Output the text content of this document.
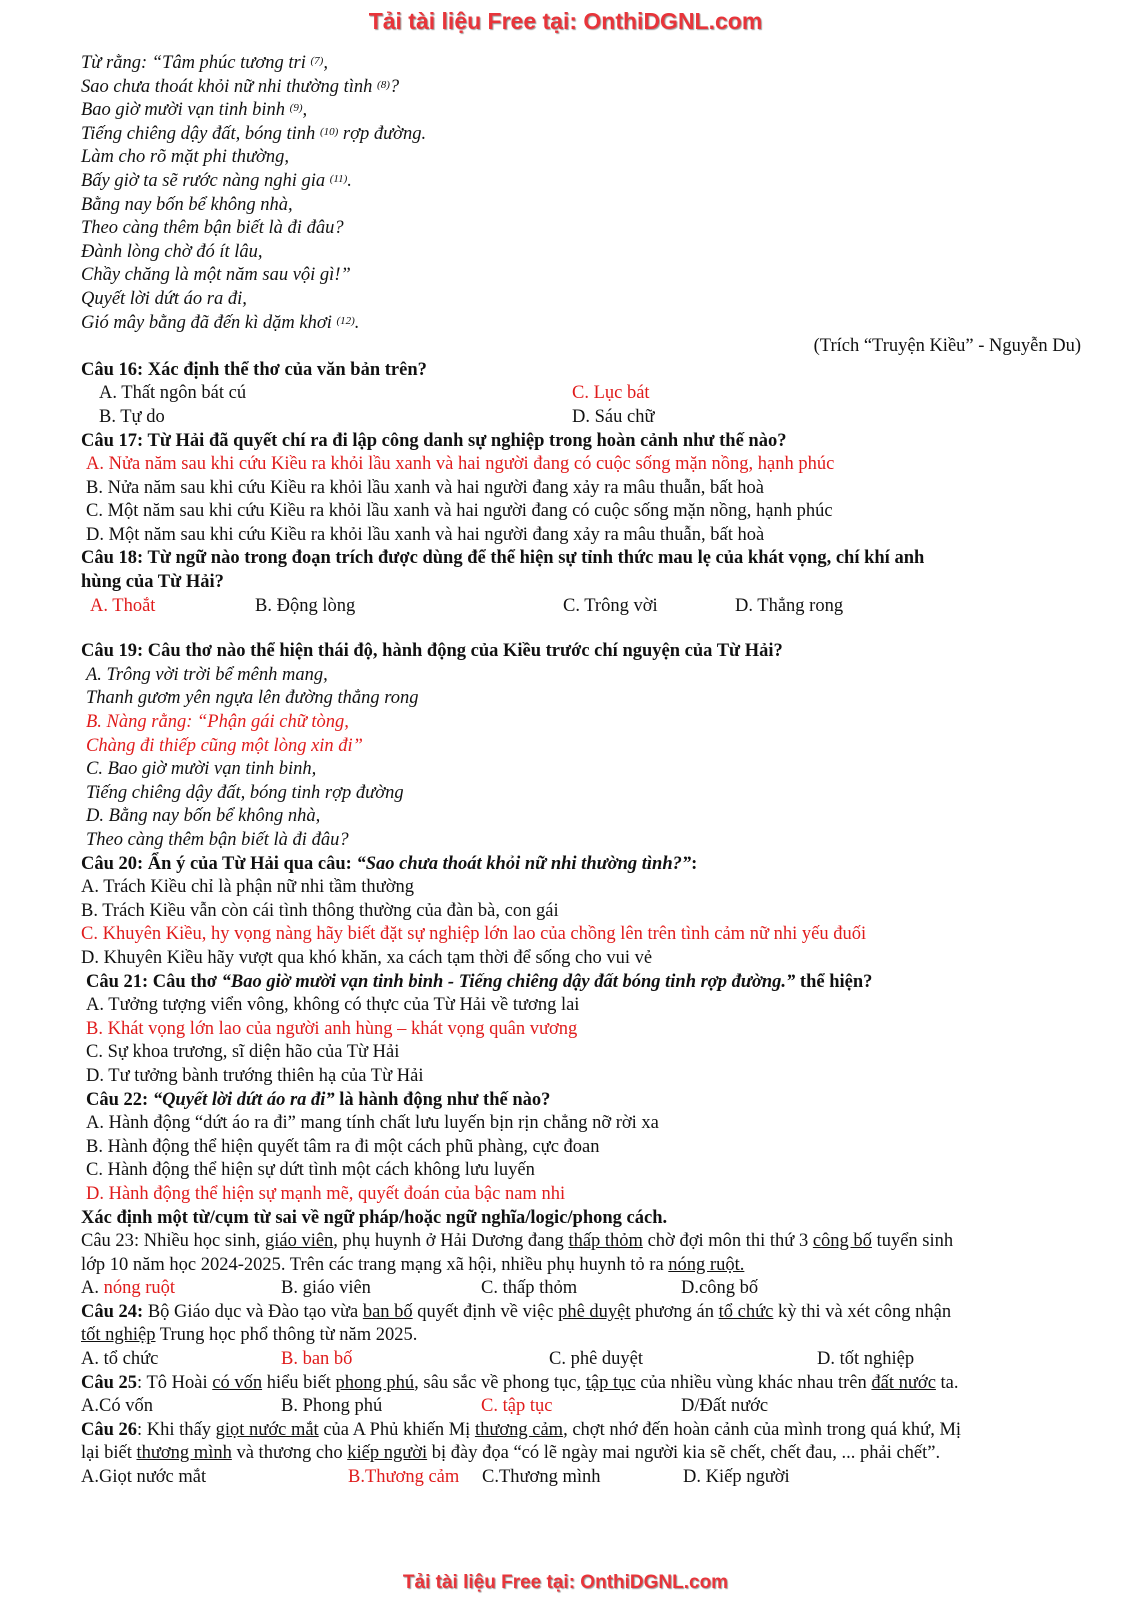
Tải tài liệu Free tại: OnthiDGNL.com
Từ rằng: “Tâm phúc tương tri $^{(7)}$,
Sao chưa thoát khỏi nữ nhi thường tình $^{(8)}$?
Bao giờ mười vạn tinh binh $^{(9)}$,
Tiếng chiêng dậy đất, bóng tinh $^{(10)}$ rợp đường.
Làm cho rõ mặt phi thường,
Bấy giờ ta sẽ rước nàng nghi gia $^{(11)}$.
Bằng nay bốn bể không nhà,
Theo càng thêm bận biết là đi đâu?
Đành lòng chờ đó ít lâu,
Chầy chăng là một năm sau vội gì!”
Quyết lời dứt áo ra đi,
Gió mây bằng đã đến kì dặm khơi $^{(12)}$.
(Trích “Truyện Kiều” - Nguyễn Du)
Câu 16: Xác định thể thơ của văn bản trên?
A. Thất ngôn bát cú	C. Lục bát
B. Tự do	D. Sáu chữ
Câu 17: Từ Hải đã quyết chí ra đi lập công danh sự nghiệp trong hoàn cảnh như thế nào?
A. Nửa năm sau khi cứu Kiều ra khỏi lầu xanh và hai người đang có cuộc sống mặn nồng, hạnh phúc
B. Nửa năm sau khi cứu Kiều ra khỏi lầu xanh và hai người đang xảy ra mâu thuẫn, bất hoà
C. Một năm sau khi cứu Kiều ra khỏi lầu xanh và hai người đang có cuộc sống mặn nồng, hạnh phúc
D. Một năm sau khi cứu Kiều ra khỏi lầu xanh và hai người đang xảy ra mâu thuẫn, bất hoà
Câu 18: Từ ngữ nào trong đoạn trích được dùng để thể hiện sự tỉnh thức mau lẹ của khát vọng, chí khí anh
hùng của Từ Hải?
A. Thoắt	B. Động lòng	C. Trông vời	D. Thẳng rong
Câu 19: Câu thơ nào thể hiện thái độ, hành động của Kiều trước chí nguyện của Từ Hải?
A. Trông vời trời bể mênh mang,
Thanh gươm yên ngựa lên đường thẳng rong
B. Nàng rằng: “Phận gái chữ tòng,
Chàng đi thiếp cũng một lòng xin đi”
C. Bao giờ mười vạn tinh binh,
Tiếng chiêng dậy đất, bóng tinh rợp đường
D. Bằng nay bốn bể không nhà,
Theo càng thêm bận biết là đi đâu?
Câu 20: Ẩn ý của Từ Hải qua câu: “Sao chưa thoát khỏi nữ nhi thường tình?”:
A. Trách Kiều chỉ là phận nữ nhi tầm thường
B. Trách Kiều vẫn còn cái tình thông thường của đàn bà, con gái
C. Khuyên Kiều, hy vọng nàng hãy biết đặt sự nghiệp lớn lao của chồng lên trên tình cảm nữ nhi yếu đuối
D. Khuyên Kiều hãy vượt qua khó khăn, xa cách tạm thời để sống cho vui vẻ
Câu 21: Câu thơ “Bao giờ mười vạn tinh binh - Tiếng chiêng dậy đất bóng tinh rợp đường.” thể hiện?
A. Tưởng tượng viển vông, không có thực của Từ Hải về tương lai
B. Khát vọng lớn lao của người anh hùng – khát vọng quân vương
C. Sự khoa trương, sĩ diện hão của Từ Hải
D. Tư tưởng bành trướng thiên hạ của Từ Hải
Câu 22: “Quyết lời dứt áo ra đi” là hành động như thế nào?
A. Hành động “dứt áo ra đi” mang tính chất lưu luyến bịn rịn chẳng nỡ rời xa
B. Hành động thể hiện quyết tâm ra đi một cách phũ phàng, cực đoan
C. Hành động thể hiện sự dứt tình một cách không lưu luyến
D. Hành động thể hiện sự mạnh mẽ, quyết đoán của bậc nam nhi
Xác định một từ/cụm từ sai về ngữ pháp/hoặc ngữ nghĩa/logic/phong cách.
Câu 23: Nhiều học sinh, giáo viên, phụ huynh ở Hải Dương đang thấp thỏm chờ đợi môn thi thứ 3 công bố tuyển sinh
lớp 10 năm học 2024-2025. Trên các trang mạng xã hội, nhiều phụ huynh tỏ ra nóng ruột.
A. nóng ruột	B. giáo viên	C. thấp thỏm	D.công bố
Câu 24: Bộ Giáo dục và Đào tạo vừa ban bố quyết định về việc phê duyệt phương án tổ chức kỳ thi và xét công nhận
tốt nghiệp Trung học phổ thông từ năm 2025.
A. tổ chức	B. ban bố	C. phê duyệt	D. tốt nghiệp
Câu 25: Tô Hoài có vốn hiểu biết phong phú, sâu sắc về phong tục, tập tục của nhiều vùng khác nhau trên đất nước ta.
A.Có vốn	B. Phong phú	C. tập tục	D/Đất nước
Câu 26: Khi thấy giọt nước mắt của A Phủ khiến Mị thương cảm, chợt nhớ đến hoàn cảnh của mình trong quá khứ, Mị
lại biết thương mình và thương cho kiếp người bị đày đọa “có lẽ ngày mai người kia sẽ chết, chết đau, ... phải chết”.
A.Giọt nước mắt	B.Thương cảm	C.Thương mình	D. Kiếp người
Tải tài liệu Free tại: OnthiDGNL.com
